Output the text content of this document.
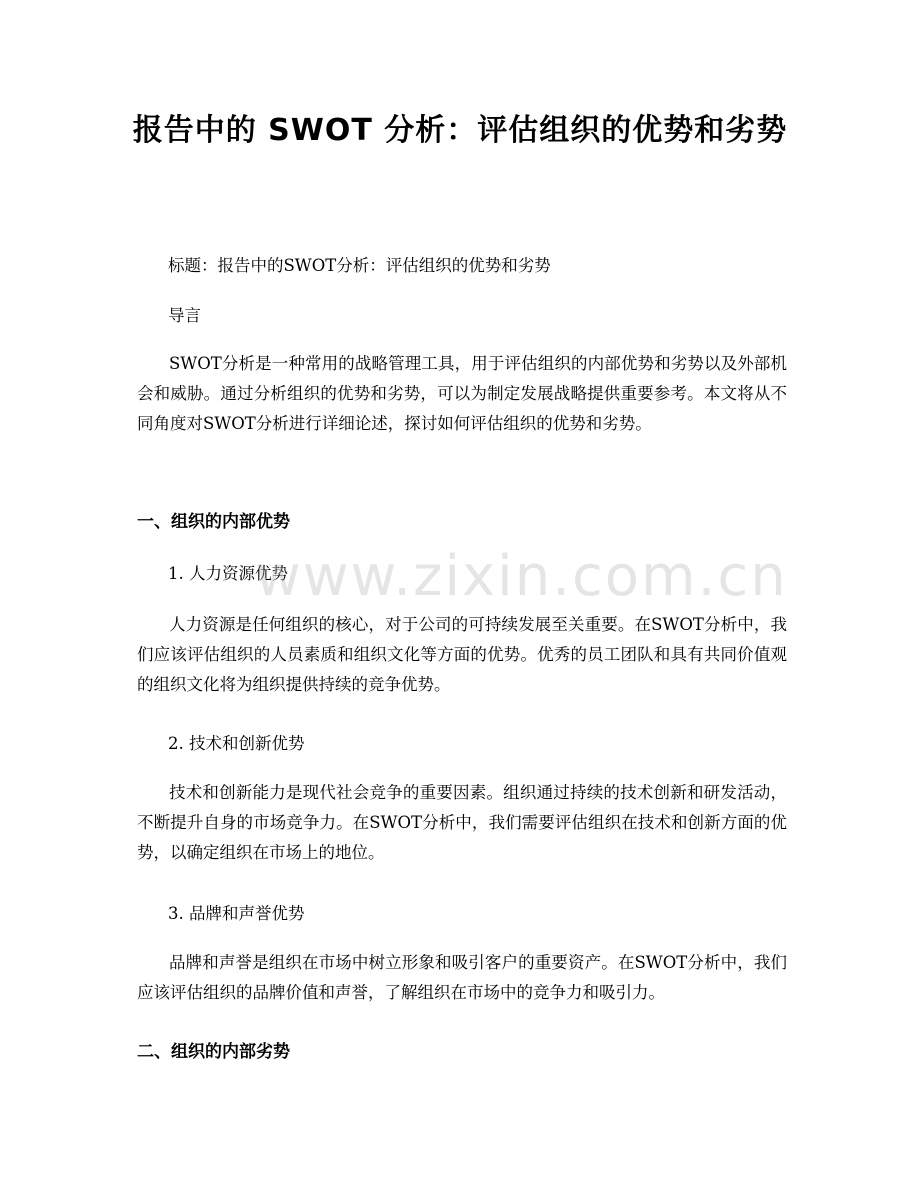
报告中的 SWOT 分析：评估组织的优势和劣势
标题：报告中的SWOT分析：评估组织的优势和劣势
导言
SWOT分析是一种常用的战略管理工具，用于评估组织的内部优势和劣势以及外部机会和威胁。通过分析组织的优势和劣势，可以为制定发展战略提供重要参考。本文将从不同角度对SWOT分析进行详细论述，探讨如何评估组织的优势和劣势。
一、组织的内部优势
1. 人力资源优势
人力资源是任何组织的核心，对于公司的可持续发展至关重要。在SWOT分析中，我们应该评估组织的人员素质和组织文化等方面的优势。优秀的员工团队和具有共同价值观的组织文化将为组织提供持续的竞争优势。
2. 技术和创新优势
技术和创新能力是现代社会竞争的重要因素。组织通过持续的技术创新和研发活动，不断提升自身的市场竞争力。在SWOT分析中，我们需要评估组织在技术和创新方面的优势，以确定组织在市场上的地位。
3. 品牌和声誉优势
品牌和声誉是组织在市场中树立形象和吸引客户的重要资产。在SWOT分析中，我们应该评估组织的品牌价值和声誉，了解组织在市场中的竞争力和吸引力。
二、组织的内部劣势
www.zixin.com.cn
